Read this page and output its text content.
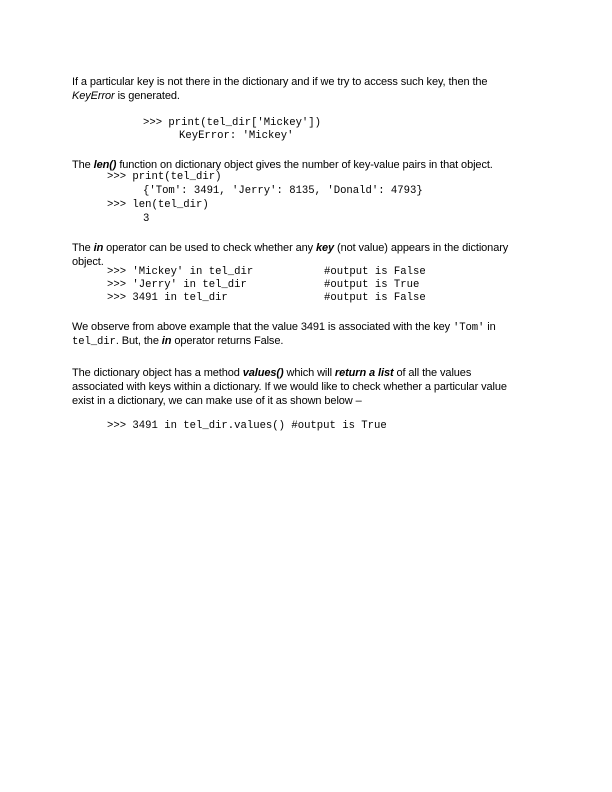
If a particular key is not there in the dictionary and if we try to access such key, then the
KeyError is generated.
>>> print(tel_dir['Mickey'])
KeyError: 'Mickey'
The len() function on dictionary object gives the number of key-value pairs in that object.
>>> print(tel_dir)
{'Tom': 3491, 'Jerry': 8135, 'Donald': 4793}
>>> len(tel_dir)
3
The in operator can be used to check whether any key (not value) appears in the dictionary
object.
>>> 'Mickey' in tel_dir	#output is False
>>> 'Jerry' in tel_dir	#output is True
>>> 3491 in tel_dir	#output is False
We observe from above example that the value 3491 is associated with the key 'Tom' in
tel_dir. But, the in operator returns False.
The dictionary object has a method values() which will return a list of all the values
associated with keys within a dictionary. If we would like to check whether a particular value
exist in a dictionary, we can make use of it as shown below –
>>> 3491 in tel_dir.values() #output is True
